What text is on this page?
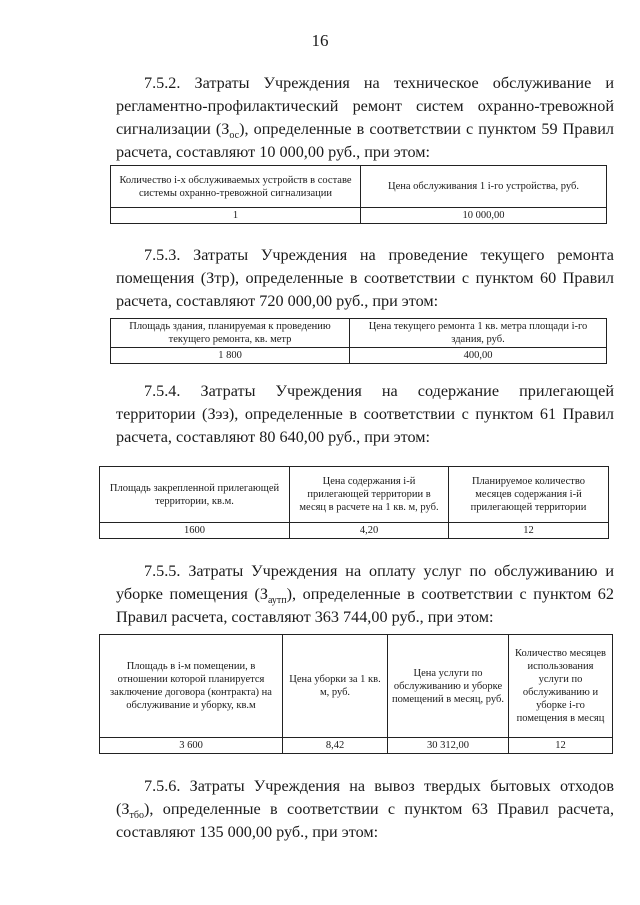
16
7.5.2. Затраты Учреждения на техническое обслуживание и регламентно-профилактический ремонт систем охранно-тревожной сигнализации $(З_{ос})$, определенные в соответствии с пунктом 59 Правил расчета, составляют 10 000,00 руб., при этом:
Количество i-х обслуживаемых устройств в составе системы охранно-тревожной сигнализации	Цена обслуживания 1 i-го устройства, руб.
1	10 000,00
7.5.3. Затраты Учреждения на проведение текущего ремонта помещения (Зтр), определенные в соответствии с пунктом 60 Правил расчета, составляют 720 000,00 руб., при этом:
Площадь здания, планируемая к проведению текущего ремонта, кв. метр	Цена текущего ремонта 1 кв. метра площади i-го здания, руб.
1 800	400,00
7.5.4. Затраты Учреждения на содержание прилегающей территории (Зэз), определенные в соответствии с пунктом 61 Правил расчета, составляют 80 640,00 руб., при этом:
Площадь закрепленной прилегающей территории, кв.м.	Цена содержания i-й прилегающей территории в месяц в расчете на 1 кв. м, руб.	Планируемое количество месяцев содержания i-й прилегающей территории
1600	4,20	12
7.5.5. Затраты Учреждения на оплату услуг по обслуживанию и уборке помещения $(З_{аутп})$, определенные в соответствии с пунктом 62 Правил расчета, составляют 363 744,00 руб., при этом:
Площадь в i-м помещении, в отношении которой планируется заключение договора (контракта) на обслуживание и уборку, кв.м	Цена уборки за 1 кв. м, руб.	Цена услуги по обслуживанию и уборке помещений в месяц, руб.	Количество месяцев использования услуги по обслуживанию и уборке i-го помещения в месяц
3 600	8,42	30 312,00	12
7.5.6. Затраты Учреждения на вывоз твердых бытовых отходов $(З_{тбо})$, определенные в соответствии с пунктом 63 Правил расчета, составляют 135 000,00 руб., при этом:
